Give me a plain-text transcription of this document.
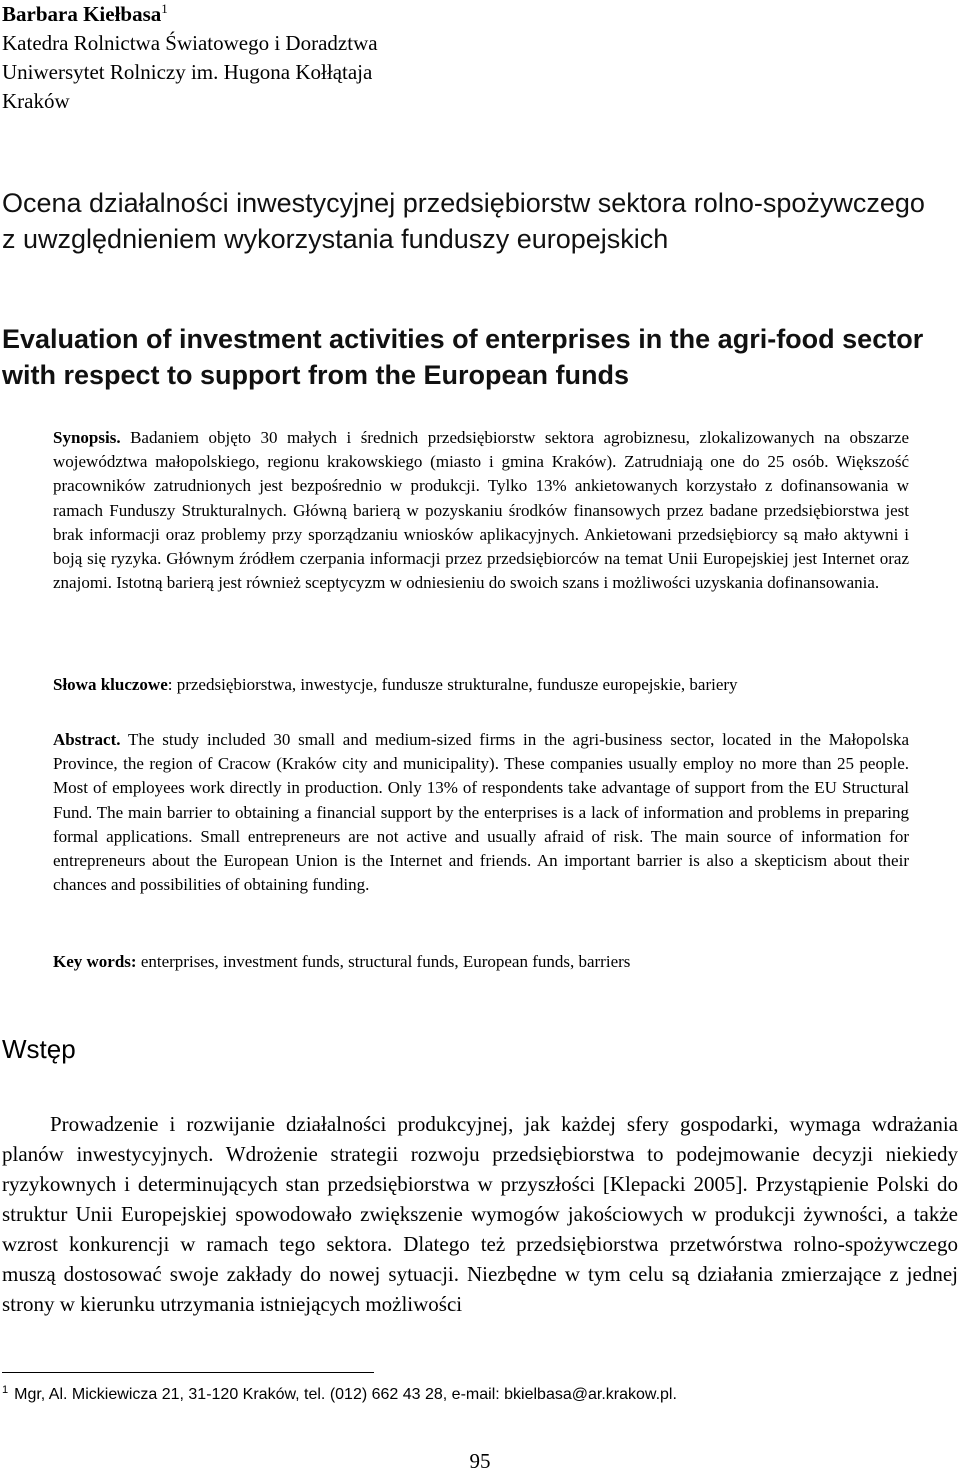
Barbara Kiełbasa$^1$
Katedra Rolnictwa Światowego i Doradztwa
Uniwersytet Rolniczy im. Hugona Kołłątaja
Kraków
Ocena działalności inwestycyjnej przedsiębiorstw sektora rolno-spożywczego z uwzględnieniem wykorzystania funduszy europejskich
Evaluation of investment activities of enterprises in the agri-food sector with respect to support from the European funds
Synopsis. Badaniem objęto 30 małych i średnich przedsiębiorstw sektora agrobiznesu, zlokalizowanych na obszarze województwa małopolskiego, regionu krakowskiego (miasto i gmina Kraków). Zatrudniają one do 25 osób. Większość pracowników zatrudnionych jest bezpośrednio w produkcji. Tylko 13% ankietowanych korzystało z dofinansowania w ramach Funduszy Strukturalnych. Główną barierą w pozyskaniu środków finansowych przez badane przedsiębiorstwa jest brak informacji oraz problemy przy sporządzaniu wniosków aplikacyjnych. Ankietowani przedsiębiorcy są mało aktywni i boją się ryzyka. Głównym źródłem czerpania informacji przez przedsiębiorców na temat Unii Europejskiej jest Internet oraz znajomi. Istotną barierą jest również sceptycyzm w odniesieniu do swoich szans i możliwości uzyskania dofinansowania.
Słowa kluczowe: przedsiębiorstwa, inwestycje, fundusze strukturalne, fundusze europejskie, bariery
Abstract. The study included 30 small and medium-sized firms in the agri-business sector, located in the Małopolska Province, the region of Cracow (Kraków city and municipality). These companies usually employ no more than 25 people. Most of employees work directly in production. Only 13% of respondents take advantage of support from the EU Structural Fund. The main barrier to obtaining a financial support by the enterprises is a lack of information and problems in preparing formal applications. Small entrepreneurs are not active and usually afraid of risk. The main source of information for entrepreneurs about the European Union is the Internet and friends. An important barrier is also a skepticism about their chances and possibilities of obtaining funding.
Key words: enterprises, investment funds, structural funds, European funds, barriers
Wstęp
Prowadzenie i rozwijanie działalności produkcyjnej, jak każdej sfery gospodarki, wymaga wdrażania planów inwestycyjnych. Wdrożenie strategii rozwoju przedsiębiorstwa to podejmowanie decyzji niekiedy ryzykownych i determinujących stan przedsiębiorstwa w przyszłości [Klepacki 2005]. Przystąpienie Polski do struktur Unii Europejskiej spowodowało zwiększenie wymogów jakościowych w produkcji żywności, a także wzrost konkurencji w ramach tego sektora. Dlatego też przedsiębiorstwa przetwórstwa rolno-spożywczego muszą dostosować swoje zakłady do nowej sytuacji. Niezbędne w tym celu są działania zmierzające z jednej strony w kierunku utrzymania istniejących możliwości
$^1$ Mgr, Al. Mickiewicza 21, 31-120 Kraków, tel. (012) 662 43 28, e-mail: bkielbasa@ar.krakow.pl.
95
